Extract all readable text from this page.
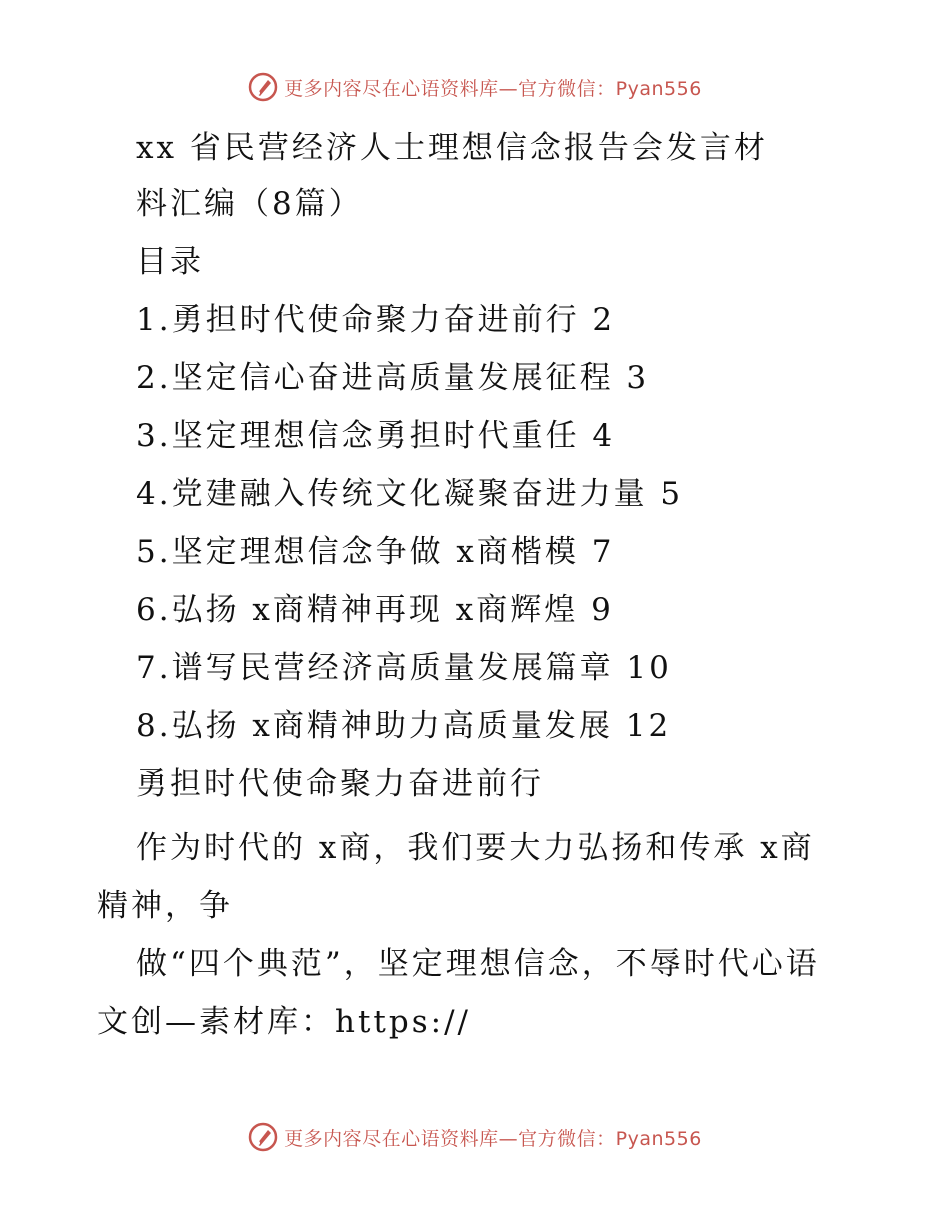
更多内容尽在心语资料库—官方微信：Pyan556
xx 省民营经济人士理想信念报告会发言材
料汇编（8篇）
目录
1.勇担时代使命聚力奋进前行 2
2.坚定信心奋进高质量发展征程 3
3.坚定理想信念勇担时代重任 4
4.党建融入传统文化凝聚奋进力量 5
5.坚定理想信念争做 x商楷模 7
6.弘扬 x商精神再现 x商辉煌 9
7.谱写民营经济高质量发展篇章 10
8.弘扬 x商精神助力高质量发展 12
勇担时代使命聚力奋进前行
作为时代的 x商，我们要大力弘扬和传承 x商
精神，争
做“四个典范”，坚定理想信念，不辱时代心语
文创—素材库：https://
更多内容尽在心语资料库—官方微信：Pyan556
